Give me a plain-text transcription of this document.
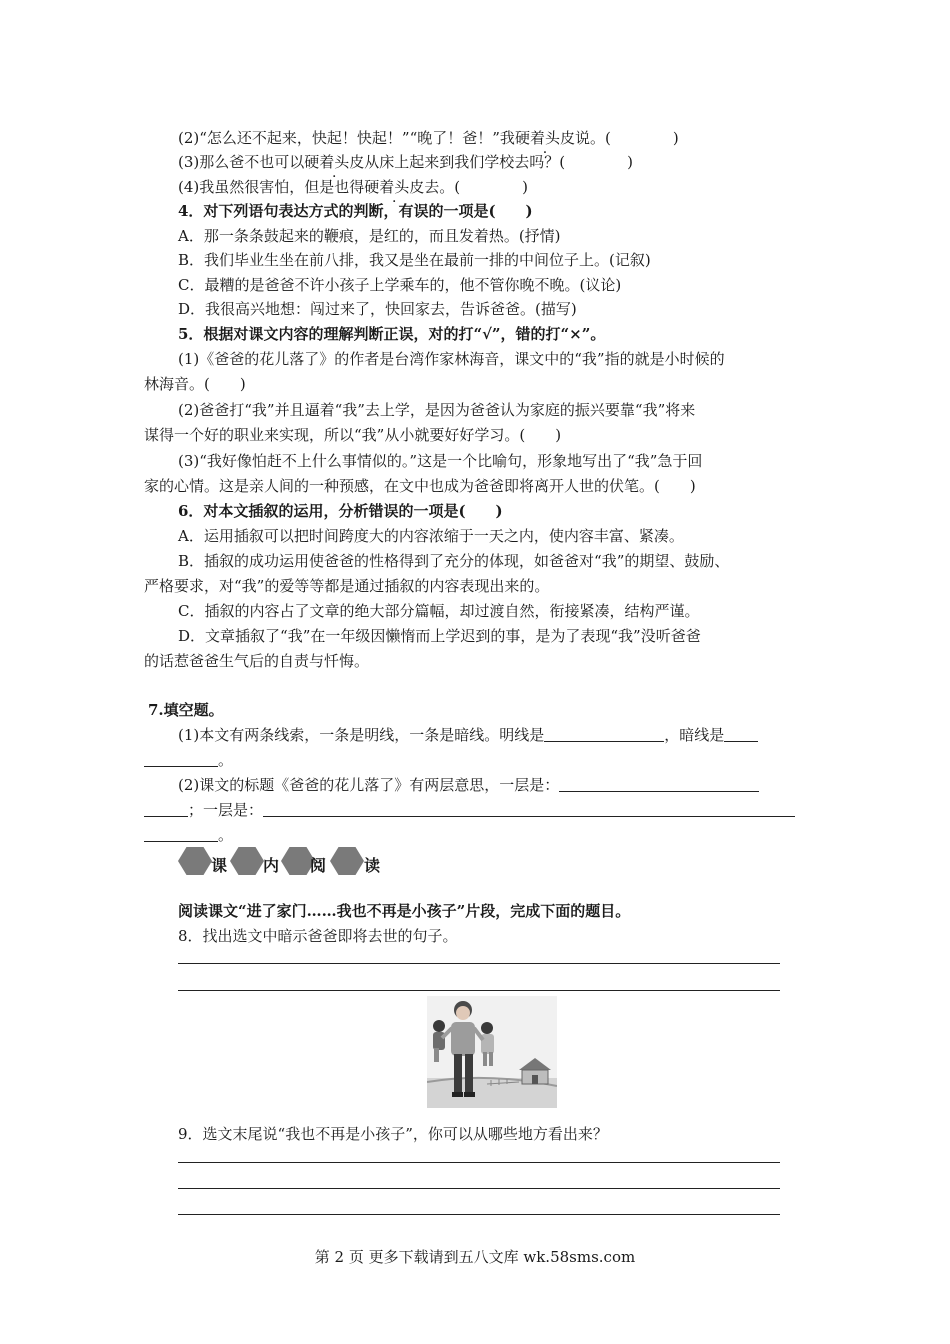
(2)“怎么还不起来，快起！快起！”“晚了！爸！”我硬着头皮说。(	)
(3)那么爸不也可以硬着头皮从床上起来到我们学校去吗？(	)
(4)我虽然很害怕，但是也得硬着头皮去。(	)
4．对下列语句表达方式的判断，有误的一项是(　　)
A．那一条条鼓起来的鞭痕，是红的，而且发着热。(抒情)
B．我们毕业生坐在前八排，我又是坐在最前一排的中间位子上。(记叙)
C．最糟的是爸爸不许小孩子上学乘车的，他不管你晚不晚。(议论)
D．我很高兴地想：闯过来了，快回家去，告诉爸爸。(描写)
5．根据对课文内容的理解判断正误，对的打“√”，错的打“×”。
(1)《爸爸的花儿落了》的作者是台湾作家林海音，课文中的“我”指的就是小时候的
林海音。(　　)
(2)爸爸打“我”并且逼着“我”去上学，是因为爸爸认为家庭的振兴要靠“我”将来
谋得一个好的职业来实现，所以“我”从小就要好好学习。(　　)
(3)“我好像怕赶不上什么事情似的。”这是一个比喻句，形象地写出了“我”急于回
家的心情。这是亲人间的一种预感，在文中也成为爸爸即将离开人世的伏笔。(　　)
6．对本文插叙的运用，分析错误的一项是(　　)
A．运用插叙可以把时间跨度大的内容浓缩于一天之内，使内容丰富、紧凑。
B．插叙的成功运用使爸爸的性格得到了充分的体现，如爸爸对“我”的期望、鼓励、
严格要求，对“我”的爱等等都是通过插叙的内容表现出来的。
C．插叙的内容占了文章的绝大部分篇幅，却过渡自然，衔接紧凑，结构严谨。
D．文章插叙了“我”在一年级因懒惰而上学迟到的事，是为了表现“我”没听爸爸
的话惹爸爸生气后的自责与忏悔。
7.填空题。
(1)本文有两条线索，一条是明线，一条是暗线。明线是	，暗线是
。
(2)课文的标题《爸爸的花儿落了》有两层意思，一层是：
；一层是：
。
课 内 阅 读
阅读课文“进了家门……我也不再是小孩子”片段，完成下面的题目。
8．找出选文中暗示爸爸即将去世的句子。
9．选文末尾说“我也不再是小孩子”，你可以从哪些地方看出来？
第 2 页 更多下载请到五八文库 wk.58sms.com
